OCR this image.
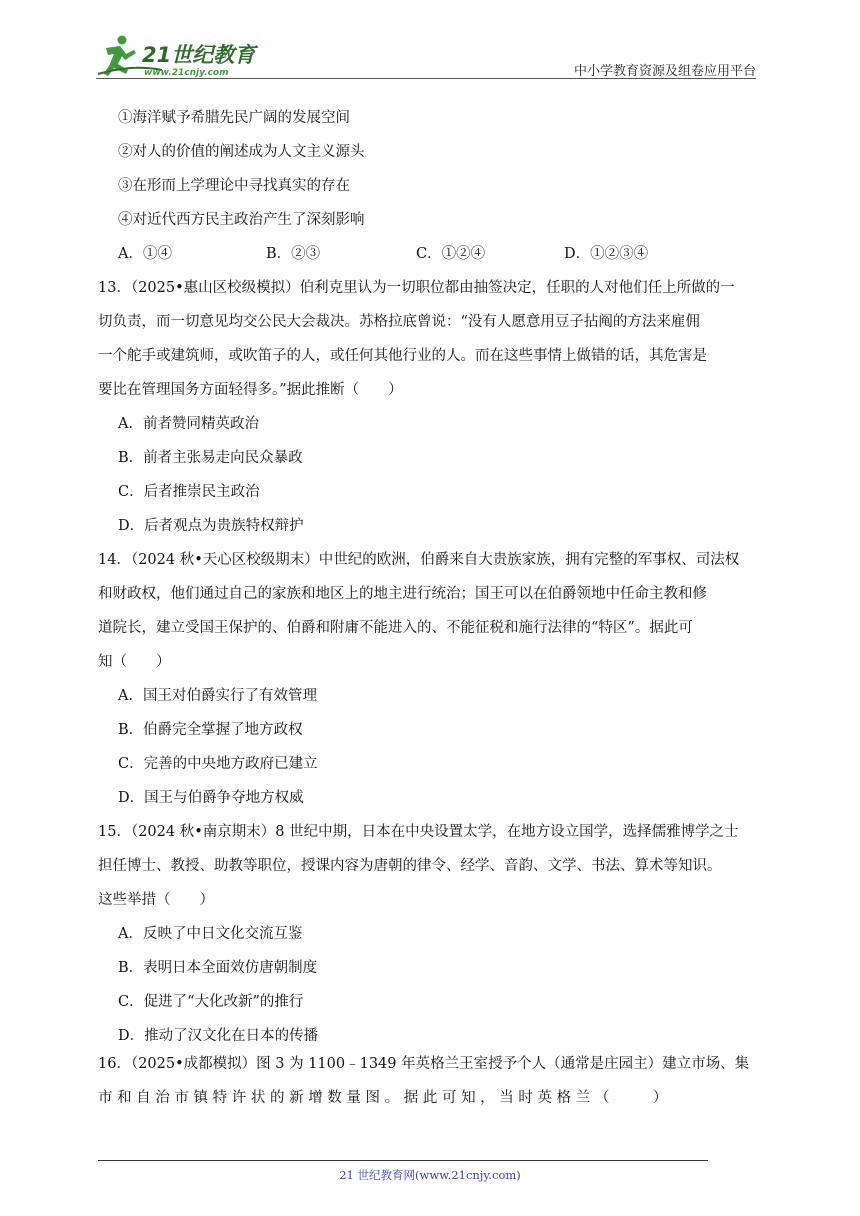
21世纪教育
www.21cnjy.com	中小学教育资源及组卷应用平台
①海洋赋予希腊先民广阔的发展空间
②对人的价值的阐述成为人文主义源头
③在形而上学理论中寻找真实的存在
④对近代西方民主政治产生了深刻影响
A．①④	B．②③	C．①②④	D．①②③④
13．（2025•惠山区校级模拟）伯利克里认为一切职位都由抽签决定，任职的人对他们任上所做的一
切负责，而一切意见均交公民大会裁决。苏格拉底曾说：“没有人愿意用豆子拈阄的方法来雇佣
一个舵手或建筑师，或吹笛子的人，或任何其他行业的人。而在这些事情上做错的话，其危害是
要比在管理国务方面轻得多。”据此推断（　　）
A．前者赞同精英政治
B．前者主张易走向民众暴政
C．后者推崇民主政治
D．后者观点为贵族特权辩护
14．（2024 秋•天心区校级期末）中世纪的欧洲，伯爵来自大贵族家族，拥有完整的军事权、司法权
和财政权，他们通过自己的家族和地区上的地主进行统治；国王可以在伯爵领地中任命主教和修
道院长，建立受国王保护的、伯爵和附庸不能进入的、不能征税和施行法律的“特区”。据此可
知（　　）
A．国王对伯爵实行了有效管理
B．伯爵完全掌握了地方政权
C．完善的中央地方政府已建立
D．国王与伯爵争夺地方权威
15．（2024 秋•南京期末）8 世纪中期，日本在中央设置太学，在地方设立国学，选择儒雅博学之士
担任博士、教授、助教等职位，授课内容为唐朝的律令、经学、音韵、文学、书法、算术等知识。
这些举措（　　）
A．反映了中日文化交流互鉴
B．表明日本全面效仿唐朝制度
C．促进了“大化改新”的推行
D．推动了汉文化在日本的传播
16．（2025•成都模拟）图 3 为 1100﹣1349 年英格兰王室授予个人（通常是庄园主）建立市场、集
市 和 自 治 市 镇 特 许 状 的 新 增 数 量 图 。 据 此 可 知 ， 当 时 英 格 兰 （　　　）
21 世纪教育网(www.21cnjy.com)
